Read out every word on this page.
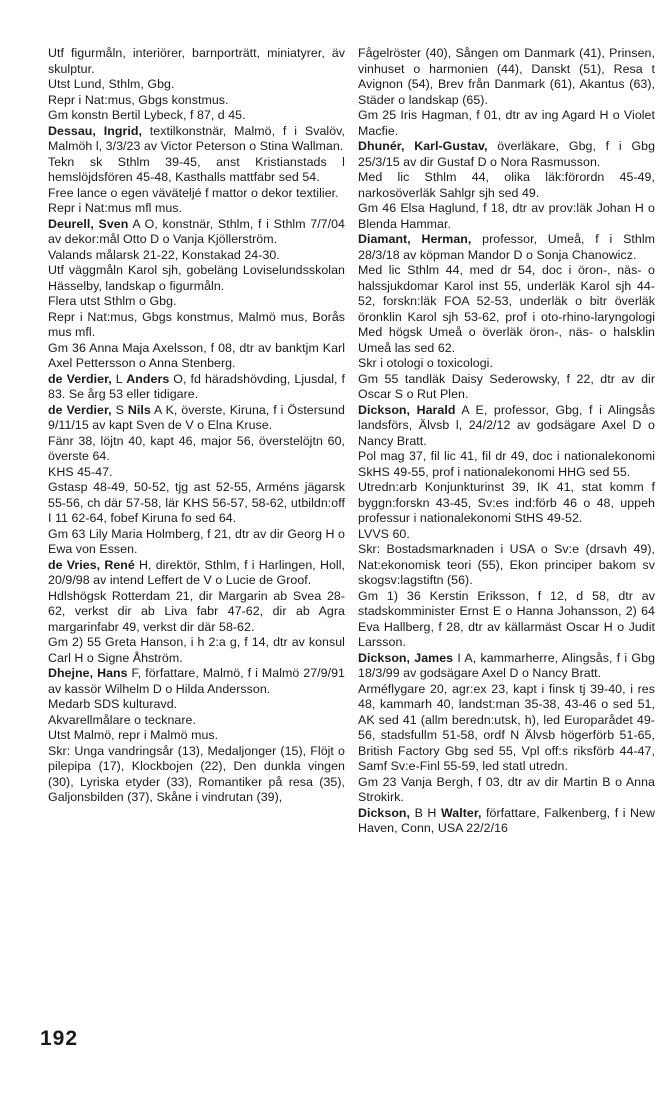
Utf figurmåln, interiörer, barnporträtt, miniatyrer, äv skulptur.

Utst Lund, Sthlm, Gbg.

Repr i Nat:mus, Gbgs konstmus.

Gm konstn Bertil Lybeck, f 87, d 45.

Dessau, Ingrid, textilkonstnär, Malmö, f i Svalöv, Malmöh l, 3/3/23 av Victor Peterson o Stina Wallman.

Tekn sk Sthlm 39-45, anst Kristianstads l hemslöjdsfören 45-48, Kasthalls mattfabr sed 54.

Free lance o egen väväteljé f mattor o dekor textilier.

Repr i Nat:mus mfl mus.

Deurell, Sven A O, konstnär, Sthlm, f i Sthlm 7/7/04 av dekor:mål Otto D o Vanja Kjöllerström.

Valands målarsk 21-22, Konstakad 24-30.

Utf väggmåln Karol sjh, gobeläng Loviselundsskolan Hässelby, landskap o figurmåln.

Flera utst Sthlm o Gbg.

Repr i Nat:mus, Gbgs konstmus, Malmö mus, Borås mus mfl.

Gm 36 Anna Maja Axelsson, f 08, dtr av banktjm Karl Axel Pettersson o Anna Stenberg.

de Verdier, L Anders O, fd häradshövding, Ljusdal, f 83. Se årg 53 eller tidigare.

de Verdier, S Nils A K, överste, Kiruna, f i Östersund 9/11/15 av kapt Sven de V o Elna Kruse.

Fänr 38, löjtn 40, kapt 46, major 56, överstelöjtn 60, överste 64.

KHS 45-47.

Gstasp 48-49, 50-52, tjg ast 52-55, Arméns jägarsk 55-56, ch där 57-58, lär KHS 56-57, 58-62, utbildn:off I 11 62-64, fobef Kiruna fo sed 64.

Gm 63 Lily Maria Holmberg, f 21, dtr av dir Georg H o Ewa von Essen.

de Vries, René H, direktör, Sthlm, f i Harlingen, Holl, 20/9/98 av intend Leffert de V o Lucie de Groof.

Hdlshögsk Rotterdam 21, dir Margarin ab Svea 28-62, verkst dir ab Liva fabr 47-62, dir ab Agra margarinfabr 49, verkst dir där 58-62.

Gm 2) 55 Greta Hanson, i h 2:a g, f 14, dtr av konsul Carl H o Signe Åhström.

Dhejne, Hans F, författare, Malmö, f i Malmö 27/9/91 av kassör Wilhelm D o Hilda Andersson.

Medarb SDS kulturavd.

Akvarellmålare o tecknare.

Utst Malmö, repr i Malmö mus.

Skr: Unga vandringsår (13), Medaljonger (15), Flöjt o pilepipa (17), Klockbojen (22), Den dunkla vingen (30), Lyriska etyder (33), Romantiker på resa (35), Galjonsbilden (37), Skåne i vindrutan (39),

Fågelröster (40), Sången om Danmark (41), Prinsen, vinhuset o harmonien (44), Danskt (51), Resa t Avignon (54), Brev från Danmark (61), Akantus (63), Städer o landskap (65).

Gm 25 Iris Hagman, f 01, dtr av ing Agard H o Violet Macfie.

Dhunér, Karl-Gustav, överläkare, Gbg, f i Gbg 25/3/15 av dir Gustaf D o Nora Rasmusson.

Med lic Sthlm 44, olika läk:förordn 45-49, narkosöverläk Sahlgr sjh sed 49.

Gm 46 Elsa Haglund, f 18, dtr av prov:läk Johan H o Blenda Hammar.

Diamant, Herman, professor, Umeå, f i Sthlm 28/3/18 av köpman Mandor D o Sonja Chanowicz.

Med lic Sthlm 44, med dr 54, doc i öron-, näs- o halssjukdomar Karol inst 55, underläk Karol sjh 44-52, forskn:läk FOA 52-53, underläk o bitr överläk öronklin Karol sjh 53-62, prof i oto-rhino-laryngologi Med högsk Umeå o överläk öron-, näs- o halsklin Umeå las sed 62.

Skr i otologi o toxicologi.

Gm 55 tandläk Daisy Sederowsky, f 22, dtr av dir Oscar S o Rut Plen.

Dickson, Harald A E, professor, Gbg, f i Alingsås landsförs, Älvsb l, 24/2/12 av godsägare Axel D o Nancy Bratt.

Pol mag 37, fil lic 41, fil dr 49, doc i nationalekonomi SkHS 49-55, prof i nationalekonomi HHG sed 55.

Utredn:arb Konjunkturinst 39, IK 41, stat komm f byggn:forskn 43-45, Sv:es ind:förb 46 o 48, uppeh professur i nationalekonomi StHS 49-52.

LVVS 60.

Skr: Bostadsmarknaden i USA o Sv:e (drsavh 49), Nat:ekonomisk teori (55), Ekon principer bakom sv skogsv:lagstiftn (56).

Gm 1) 36 Kerstin Eriksson, f 12, d 58, dtr av stadskomminister Ernst E o Hanna Johansson, 2) 64 Eva Hallberg, f 28, dtr av källarmäst Oscar H o Judit Larsson.

Dickson, James I A, kammarherre, Alingsås, f i Gbg 18/3/99 av godsägare Axel D o Nancy Bratt.

Arméflygare 20, agr:ex 23, kapt i finsk tj 39-40, i res 48, kammarh 40, landst:man 35-38, 43-46 o sed 51, AK sed 41 (allm beredn:utsk, h), led Europarådet 49-56, stadsfullm 51-58, ordf N Älvsb högerförb 51-65, British Factory Gbg sed 55, Vpl off:s riksförb 44-47, Samf Sv:e-Finl 55-59, led statl utredn.

Gm 23 Vanja Bergh, f 03, dtr av dir Martin B o Anna Strokirk.

Dickson, B H Walter, författare, Falkenberg, f i New Haven, Conn, USA 22/2/16

192
